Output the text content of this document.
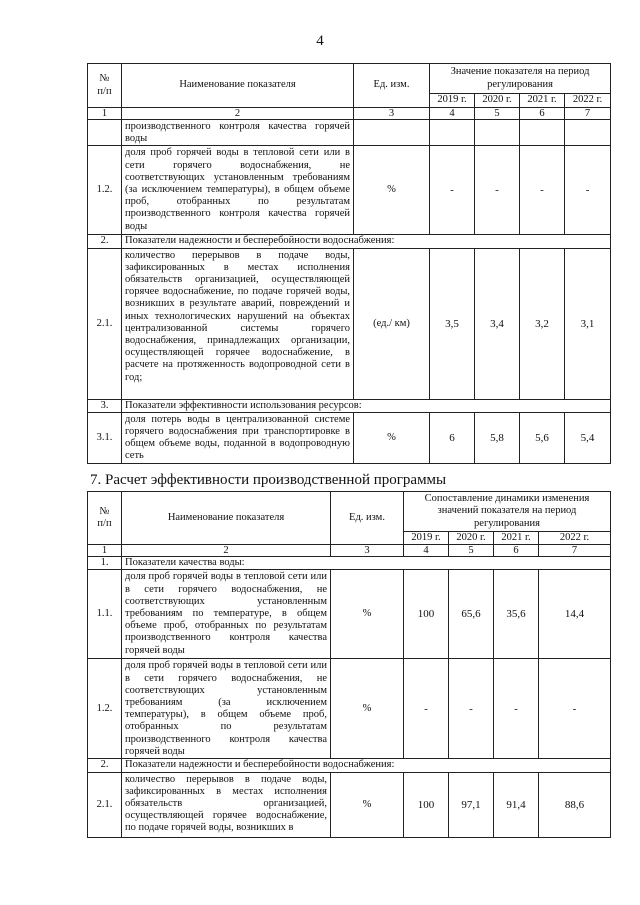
4
№
п/п	Наименование показателя	Ед. изм.	Значение показателя на период регулирования			
			2019 г.	2020 г.	2021 г.	2022 г.
1	2	3	4	5	6	7
	производственного контроля качества горячей воды					
1.2.	доля проб горячей воды в тепловой сети или в сети горячего водоснабжения, не соответствующих установленным требованиям (за исключением температуры), в общем объеме проб, отобранных по результатам производственного контроля качества горячей воды	%	-	-	-	-
2.	Показатели надежности и бесперебойности водоснабжения:					
2.1.	количество перерывов в подаче воды, зафиксированных в местах исполнения обязательств организацией, осуществляющей горячее водоснабжение, по подаче горячей воды, возникших в результате аварий, повреждений и иных технологических нарушений на объектах централизованной системы горячего водоснабжения, принадлежащих организации, осуществляющей горячее водоснабжение, в расчете на протяженность водопроводной сети в год;	(ед./ км)	3,5	3,4	3,2	3,1
3.	Показатели эффективности использования ресурсов:					
3.1.	доля потерь воды в централизованной системе горячего водоснабжения при транспортировке в общем объеме воды, поданной в водопроводную сеть	%	6	5,8	5,6	5,4
7. Расчет эффективности производственной программы
№
п/п	Наименование показателя	Ед. изм.	Сопоставление динамики изменения значений показателя на период регулирования			
			2019 г.	2020 г.	2021 г.	2022 г.
1	2	3	4	5	6	7
1.	Показатели качества воды:					
1.1.	доля проб горячей воды в тепловой сети или в сети горячего водоснабжения, не соответствующих установленным требованиям по температуре, в общем объеме проб, отобранных по результатам производственного контроля качества горячей воды	%	100	65,6	35,6	14,4
1.2.	доля проб горячей воды в тепловой сети или в сети горячего водоснабжения, не соответствующих установленным требованиям (за исключением температуры), в общем объеме проб, отобранных по результатам производственного контроля качества горячей воды	%	-	-	-	-
2.	Показатели надежности и бесперебойности водоснабжения:					
2.1.	количество перерывов в подаче воды, зафиксированных в местах исполнения обязательств организацией, осуществляющей горячее водоснабжение, по подаче горячей воды, возникших в	%	100	97,1	91,4	88,6
